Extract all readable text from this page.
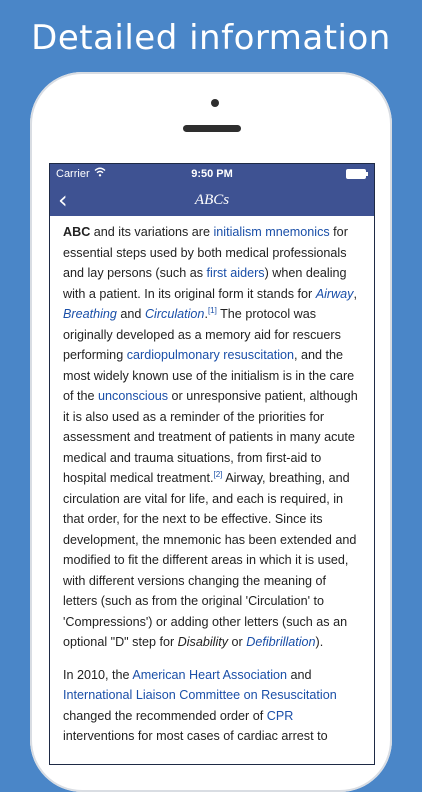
Detailed information
Carrier	9:50 PM
‹	ABCs

ABC and its variations are initialism mnemonics for essential steps used by both medical professionals and lay persons (such as first aiders) when dealing with a patient. In its original form it stands for Airway, Breathing and Circulation.[1] The protocol was originally developed as a memory aid for rescuers performing cardiopulmonary resuscitation, and the most widely known use of the initialism is in the care of the unconscious or unresponsive patient, although it is also used as a reminder of the priorities for assessment and treatment of patients in many acute medical and trauma situations, from first-aid to hospital medical treatment.[2] Airway, breathing, and circulation are vital for life, and each is required, in that order, for the next to be effective. Since its development, the mnemonic has been extended and modified to fit the different areas in which it is used, with different versions changing the meaning of letters (such as from the original 'Circulation' to 'Compressions') or adding other letters (such as an optional "D" step for Disability or Defibrillation).

In 2010, the American Heart Association and International Liaison Committee on Resuscitation changed the recommended order of CPR interventions for most cases of cardiac arrest to
